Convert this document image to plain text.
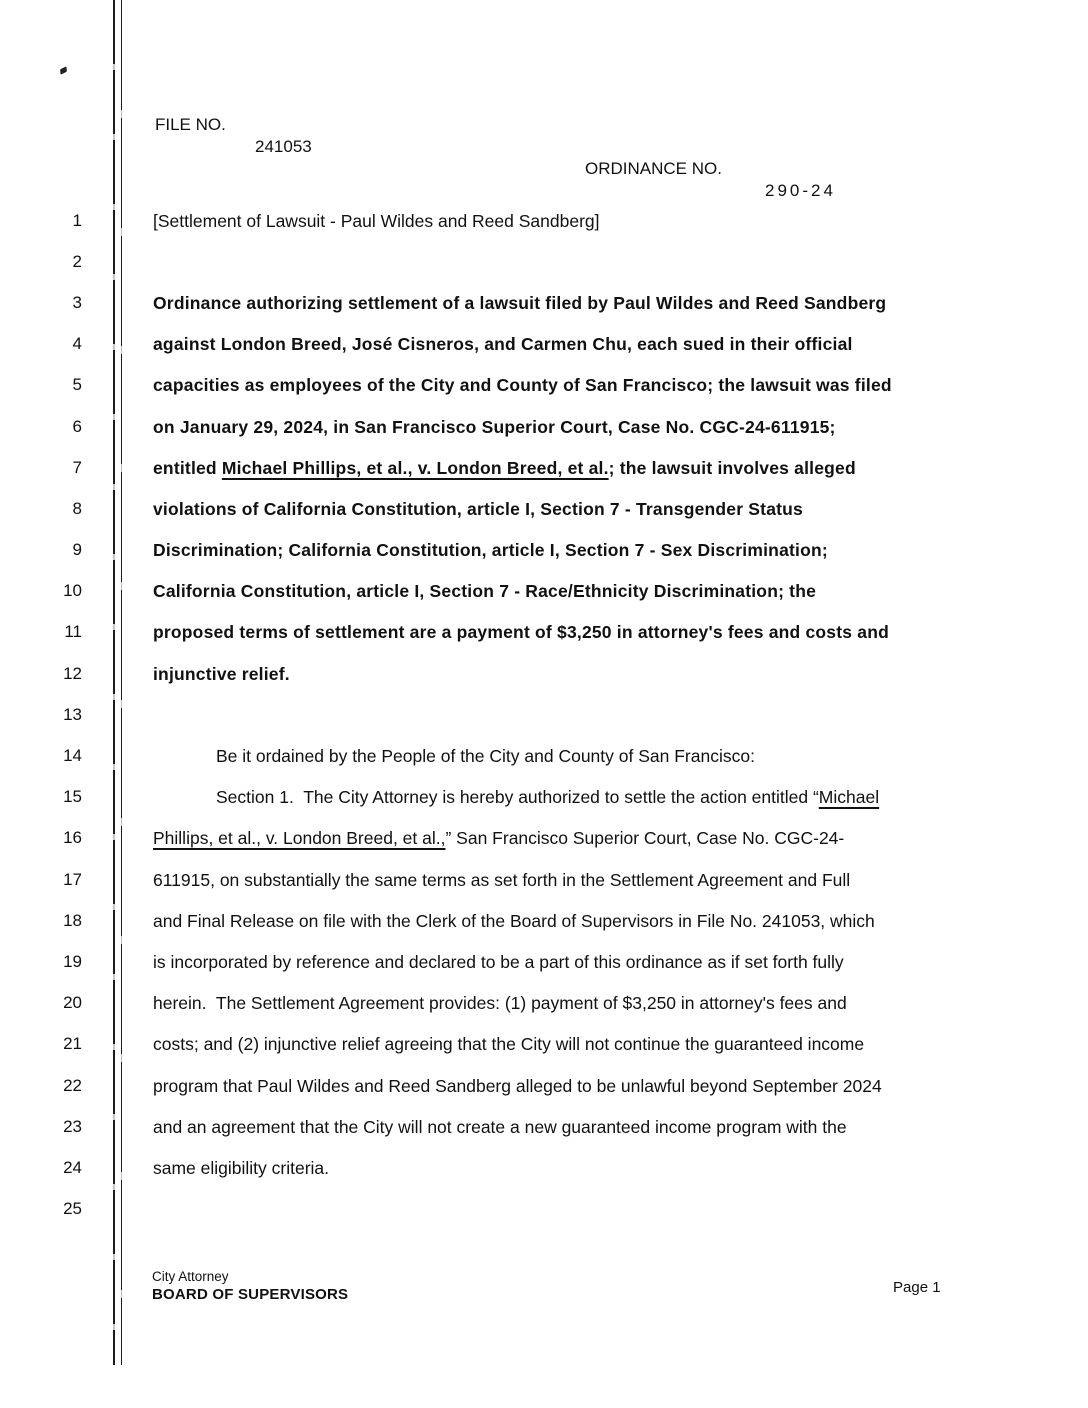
FILE NO.

241053

ORDINANCE NO.

290-24

1	[Settlement of Lawsuit - Paul Wildes and Reed Sandberg]
2
3	Ordinance authorizing settlement of a lawsuit filed by Paul Wildes and Reed Sandberg
4	against London Breed, José Cisneros, and Carmen Chu, each sued in their official
5	capacities as employees of the City and County of San Francisco; the lawsuit was filed
6	on January 29, 2024, in San Francisco Superior Court, Case No. CGC-24-611915;
7	entitled Michael Phillips, et al., v. London Breed, et al.; the lawsuit involves alleged
8	violations of California Constitution, article I, Section 7 - Transgender Status
9	Discrimination; California Constitution, article I, Section 7 - Sex Discrimination;
10	California Constitution, article I, Section 7 - Race/Ethnicity Discrimination; the
11	proposed terms of settlement are a payment of $3,250 in attorney's fees and costs and
12	injunctive relief.
13
14	Be it ordained by the People of the City and County of San Francisco:
15	Section 1.  The City Attorney is hereby authorized to settle the action entitled “Michael
16	Phillips, et al., v. London Breed, et al.,” San Francisco Superior Court, Case No. CGC-24-
17	611915, on substantially the same terms as set forth in the Settlement Agreement and Full
18	and Final Release on file with the Clerk of the Board of Supervisors in File No. 241053, which
19	is incorporated by reference and declared to be a part of this ordinance as if set forth fully
20	herein.  The Settlement Agreement provides: (1) payment of $3,250 in attorney's fees and
21	costs; and (2) injunctive relief agreeing that the City will not continue the guaranteed income
22	program that Paul Wildes and Reed Sandberg alleged to be unlawful beyond September 2024
23	and an agreement that the City will not create a new guaranteed income program with the
24	same eligibility criteria.
25
City Attorney
BOARD OF SUPERVISORS	Page 1
